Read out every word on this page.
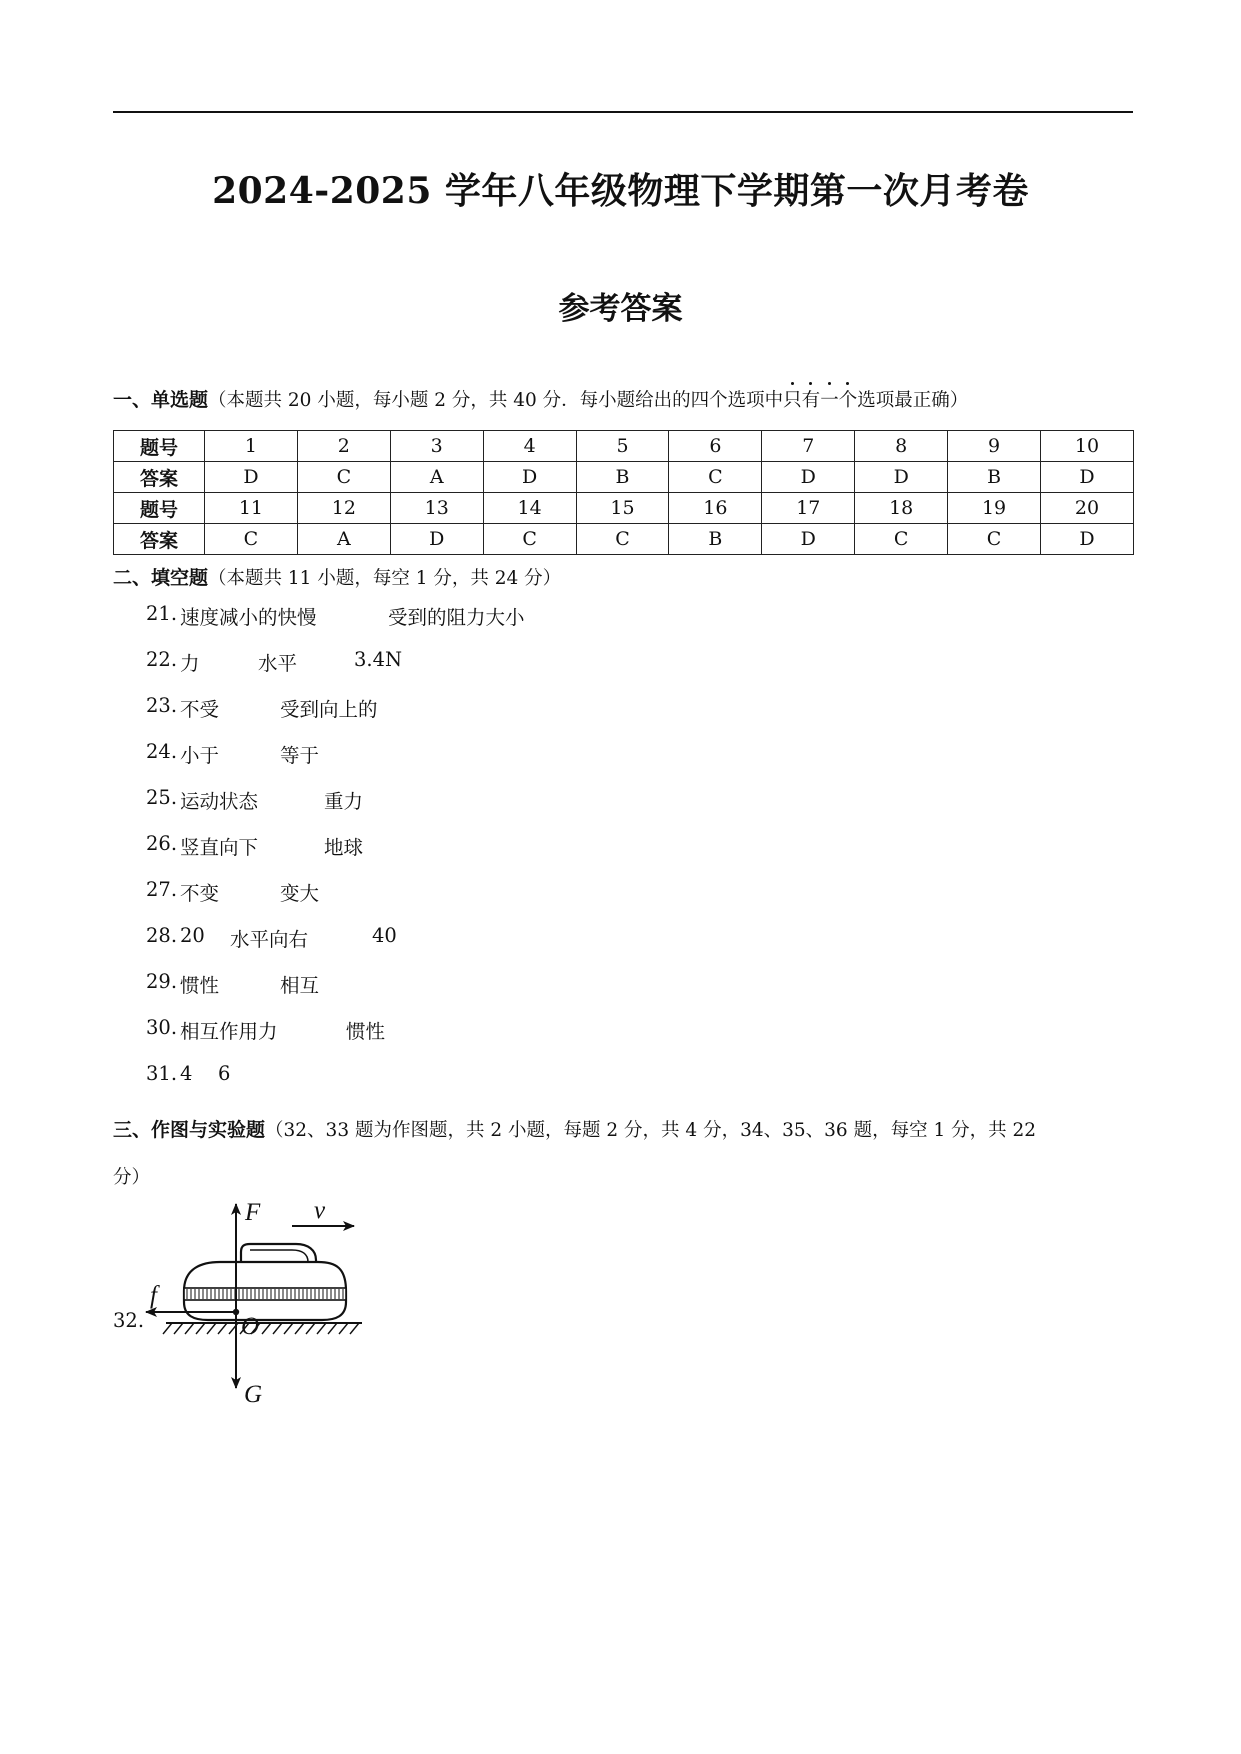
2024-2025 学年八年级物理下学期第一次月考卷
参考答案
一、单选题（本题共 20 小题，每小题 2 分，共 40 分．每小题给出的四个选项中只有一个选项最正确）
题号	1	2	3	4	5	6	7	8	9	10
答案	D	C	A	D	B	C	D	D	B	D
题号	11	12	13	14	15	16	17	18	19	20
答案	C	A	D	C	C	B	D	C	C	D
二、填空题（本题共 11 小题，每空 1 分，共 24 分）
21. 速度减小的快慢	受到的阻力大小
22. 力	水平	3.4N
23. 不受	受到向上的
24. 小于	等于
25. 运动状态	重力
26. 竖直向下	地球
27. 不变	变大
28. 20 水平向右	40
29. 惯性	相互
30. 相互作用力	惯性
31. 4 6
三、作图与实验题（32、33 题为作图题，共 2 小题，每题 2 分，共 4 分，34、35、36 题，每空 1 分，共 22
分）
32.
F v
f
O
G
